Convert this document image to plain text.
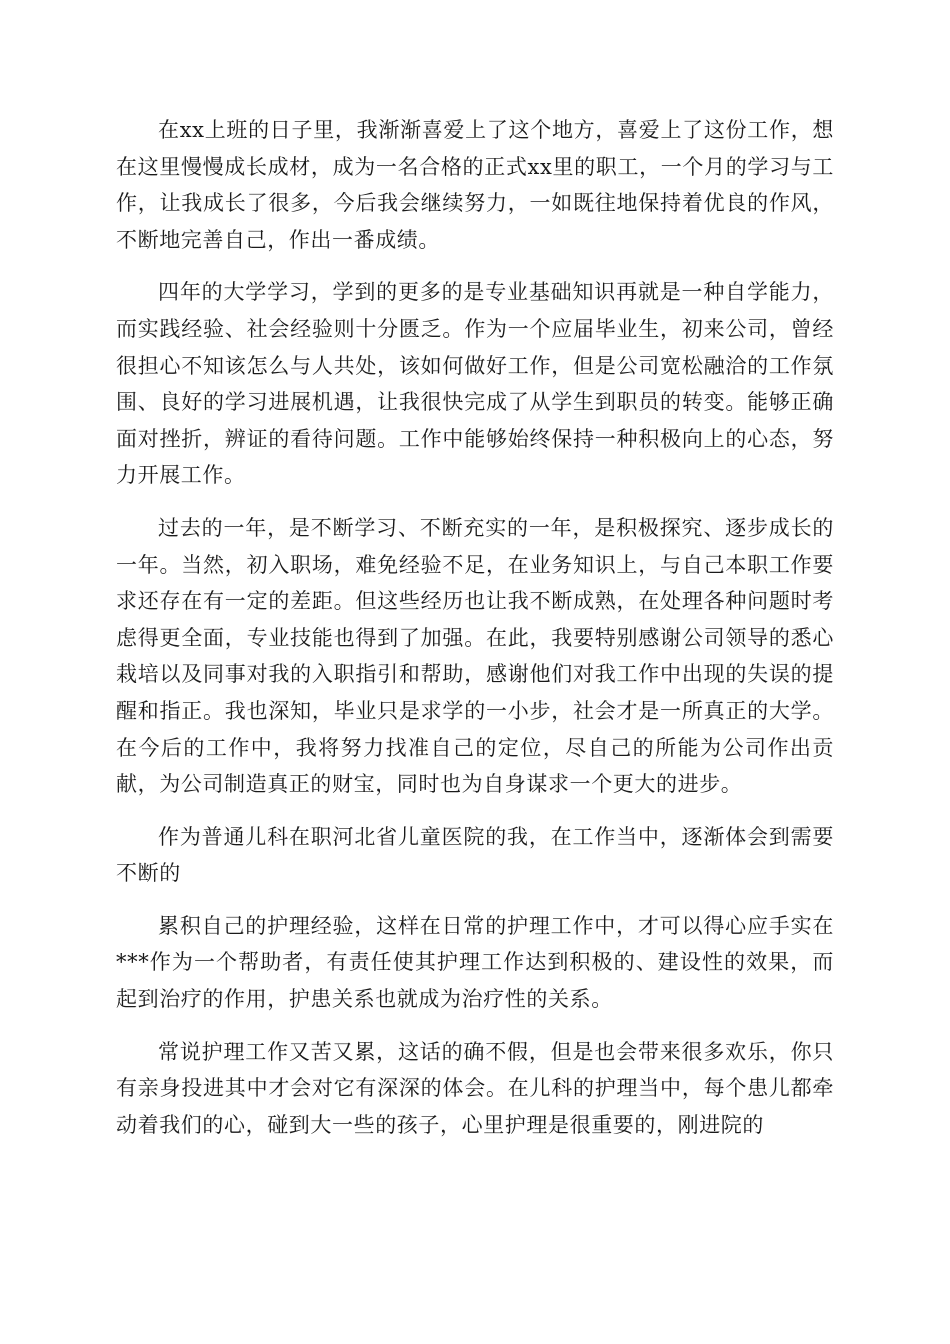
在xx上班的日子里，我渐渐喜爱上了这个地方，喜爱上了这份工作，想在这里慢慢成长成材，成为一名合格的正式xx里的职工，一个月的学习与工作，让我成长了很多，今后我会继续努力，一如既往地保持着优良的作风，不断地完善自己，作出一番成绩。

四年的大学学习，学到的更多的是专业基础知识再就是一种自学能力，而实践经验、社会经验则十分匮乏。作为一个应届毕业生，初来公司，曾经很担心不知该怎么与人共处，该如何做好工作，但是公司宽松融洽的工作氛围、良好的学习进展机遇，让我很快完成了从学生到职员的转变。能够正确面对挫折，辨证的看待问题。工作中能够始终保持一种积极向上的心态，努力开展工作。

过去的一年，是不断学习、不断充实的一年，是积极探究、逐步成长的一年。当然，初入职场，难免经验不足，在业务知识上，与自己本职工作要求还存在有一定的差距。但这些经历也让我不断成熟，在处理各种问题时考虑得更全面，专业技能也得到了加强。在此，我要特别感谢公司领导的悉心栽培以及同事对我的入职指引和帮助，感谢他们对我工作中出现的失误的提醒和指正。我也深知，毕业只是求学的一小步，社会才是一所真正的大学。在今后的工作中，我将努力找准自己的定位，尽自己的所能为公司作出贡献，为公司制造真正的财宝，同时也为自身谋求一个更大的进步。

作为普通儿科在职河北省儿童医院的我，在工作当中，逐渐体会到需要不断的

累积自己的护理经验，这样在日常的护理工作中，才可以得心应手实在***作为一个帮助者，有责任使其护理工作达到积极的、建设性的效果，而起到治疗的作用，护患关系也就成为治疗性的关系。

常说护理工作又苦又累，这话的确不假，但是也会带来很多欢乐，你只有亲身投进其中才会对它有深深的体会。在儿科的护理当中，每个患儿都牵动着我们的心，碰到大一些的孩子，心里护理是很重要的，刚进院的
